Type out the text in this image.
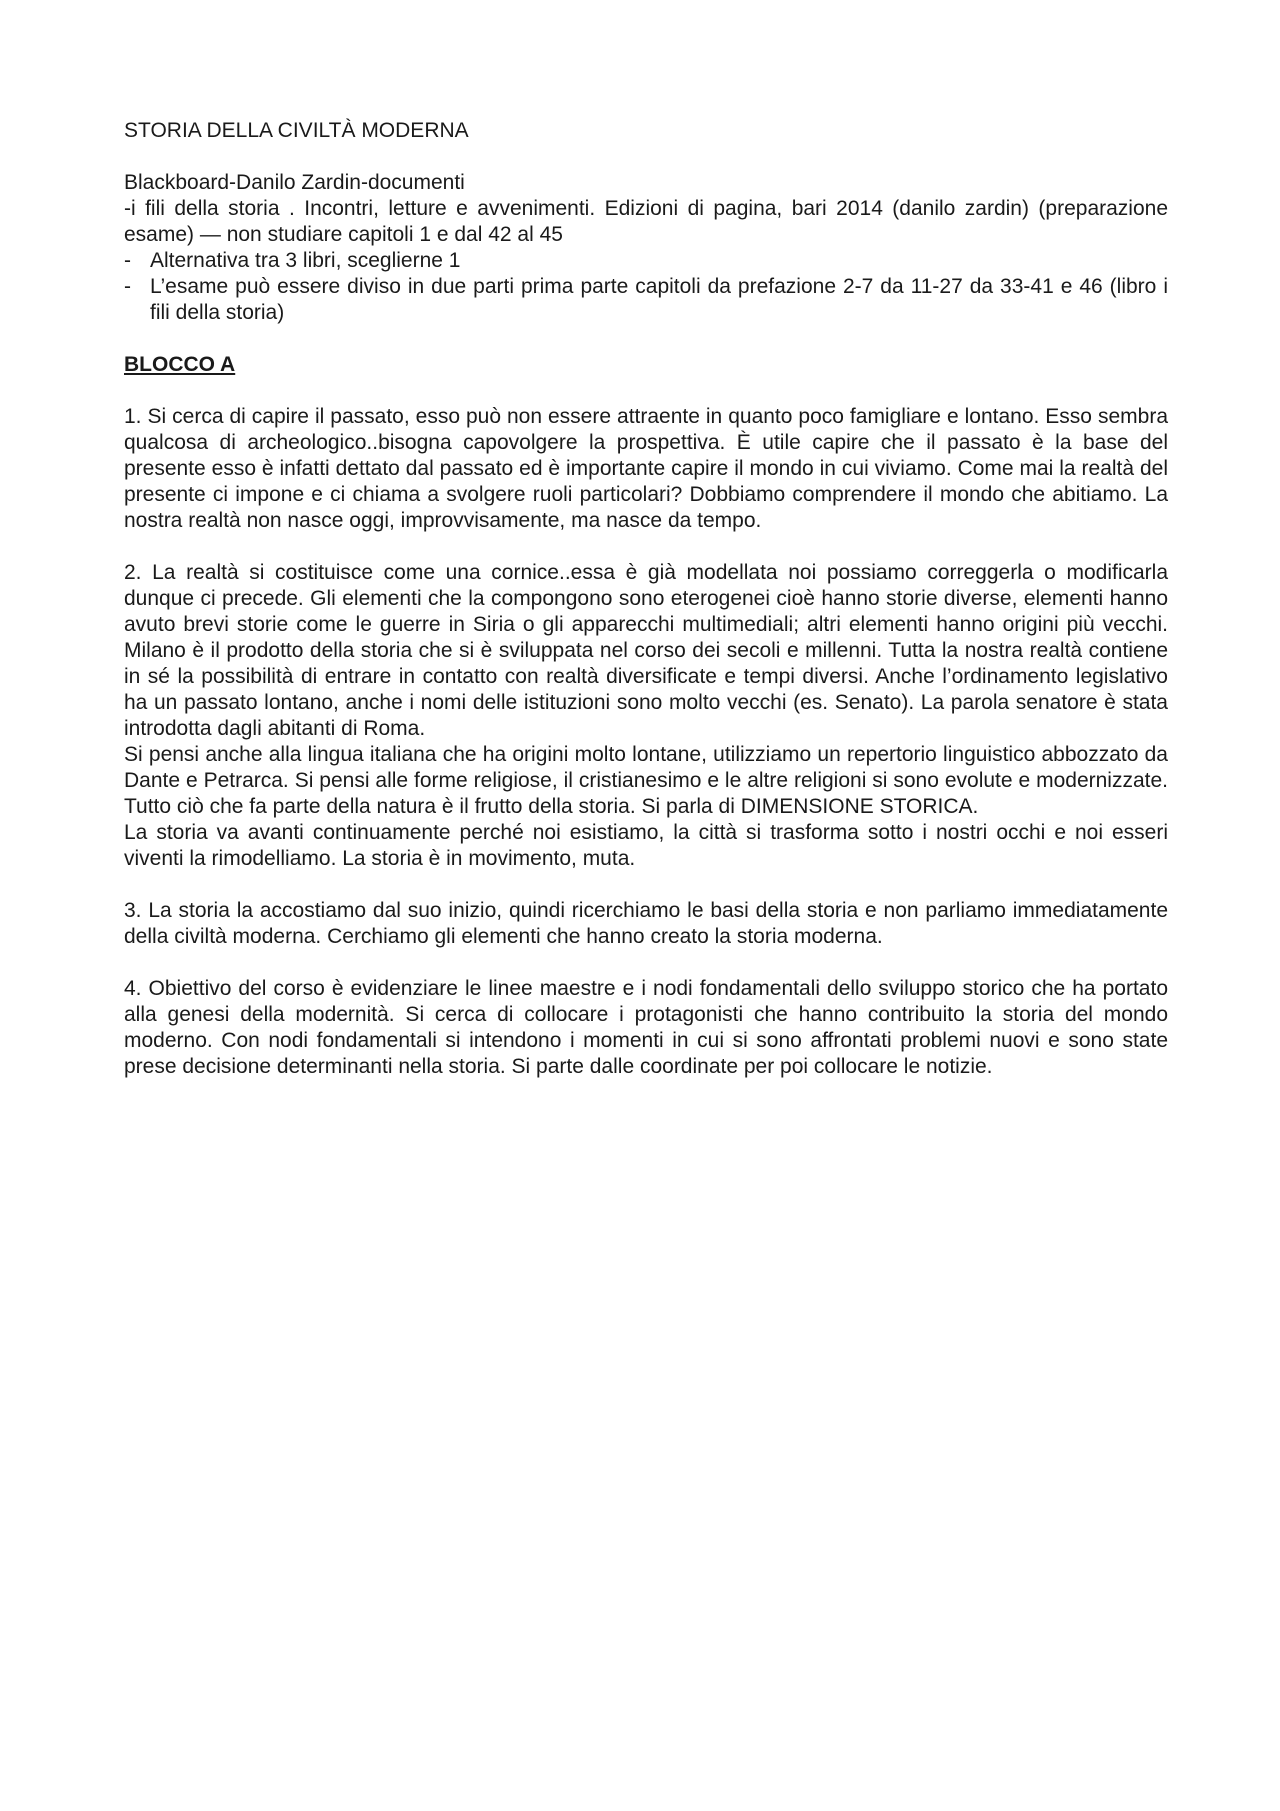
STORIA DELLA CIVILTÀ MODERNA

Blackboard-Danilo Zardin-documenti

-i fili della storia . Incontri, letture e avvenimenti. Edizioni di pagina, bari 2014 (danilo zardin) (preparazione esame) — non studiare capitoli 1 e dal 42 al 45

- Alternativa tra 3 libri, sceglierne 1
- L’esame può essere diviso in due parti prima parte capitoli da prefazione 2-7 da 11-27 da 33-41 e 46 (libro i fili della storia)

BLOCCO A

1. Si cerca di capire il passato, esso può non essere attraente in quanto poco famigliare e lontano. Esso sembra qualcosa di archeologico..bisogna capovolgere la prospettiva. È utile capire che il passato è la base del presente esso è infatti dettato dal passato ed è importante capire il mondo in cui viviamo. Come mai la realtà del presente ci impone e ci chiama a svolgere ruoli particolari? Dobbiamo comprendere il mondo che abitiamo. La nostra realtà non nasce oggi, improvvisamente, ma nasce da tempo.

2. La realtà si costituisce come una cornice..essa è già modellata noi possiamo correggerla o modificarla dunque ci precede. Gli elementi che la compongono sono eterogenei cioè hanno storie diverse, elementi hanno avuto brevi storie come le guerre in Siria o gli apparecchi multimediali; altri elementi hanno origini più vecchi. Milano è il prodotto della storia che si è sviluppata nel corso dei secoli e millenni. Tutta la nostra realtà contiene in sé la possibilità di entrare in contatto con realtà diversificate e tempi diversi. Anche l’ordinamento legislativo ha un passato lontano, anche i nomi delle istituzioni sono molto vecchi (es. Senato). La parola senatore è stata introdotta dagli abitanti di Roma.

Si pensi anche alla lingua italiana che ha origini molto lontane, utilizziamo un repertorio linguistico abbozzato da Dante e Petrarca. Si pensi alle forme religiose, il cristianesimo e le altre religioni si sono evolute e modernizzate. Tutto ciò che fa parte della natura è il frutto della storia. Si parla di DIMENSIONE STORICA.

La storia va avanti continuamente perché noi esistiamo, la città si trasforma sotto i nostri occhi e noi esseri viventi la rimodelliamo. La storia è in movimento, muta.

3. La storia la accostiamo dal suo inizio, quindi ricerchiamo le basi della storia e non parliamo immediatamente della civiltà moderna. Cerchiamo gli elementi che hanno creato la storia moderna.

4. Obiettivo del corso è evidenziare le linee maestre e i nodi fondamentali dello sviluppo storico che ha portato alla genesi della modernità. Si cerca di collocare i protagonisti che hanno contribuito la storia del mondo moderno. Con nodi fondamentali si intendono i momenti in cui si sono affrontati problemi nuovi e sono state prese decisione determinanti nella storia. Si parte dalle coordinate per poi collocare le notizie.
